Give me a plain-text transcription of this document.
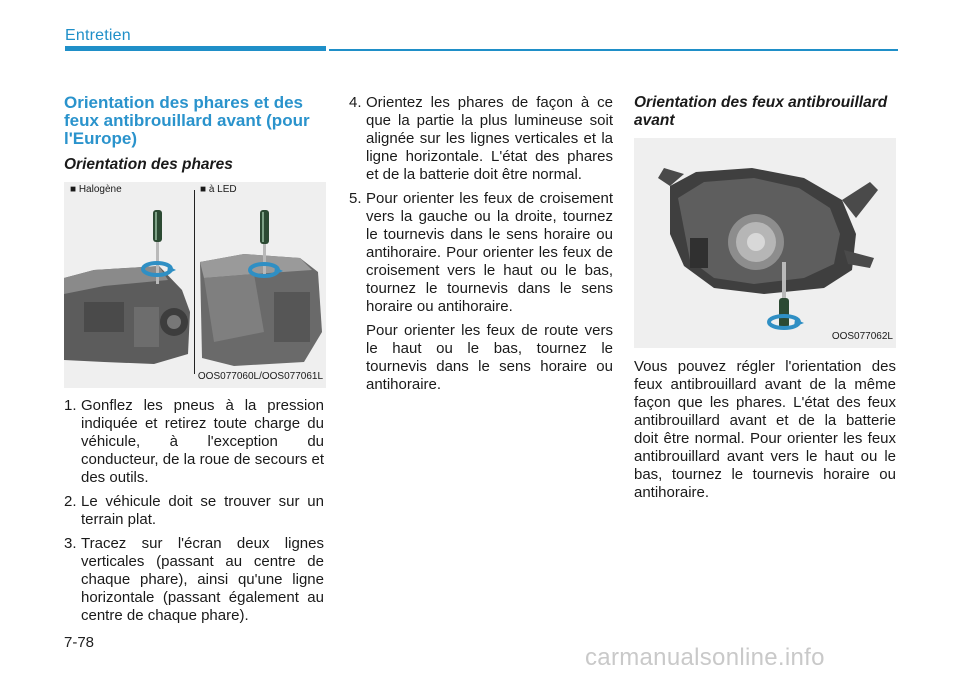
Entretien
Orientation des phares et des feux antibrouillard avant (pour l'Europe)
Orientation des phares
■ Halogène	■ à LED
OOS077060L/OOS077061L
1. Gonflez les pneus à la pression indiquée et retirez toute charge du véhicule, à l'exception du conducteur, de la roue de secours et des outils.
2. Le véhicule doit se trouver sur un terrain plat.
3. Tracez sur l'écran deux lignes verticales (passant au centre de chaque phare), ainsi qu'une ligne horizontale (passant également au centre de chaque phare).
4. Orientez les phares de façon à ce que la partie la plus lumineuse soit alignée sur les lignes verticales et la ligne horizontale. L'état des phares et de la batterie doit être normal.
5. Pour orienter les feux de croisement vers la gauche ou la droite, tournez le tournevis dans le sens horaire ou antihoraire. Pour orienter les feux de croisement vers le haut ou le bas, tournez le tournevis dans le sens horaire ou antihoraire.
Pour orienter les feux de route vers le haut ou le bas, tournez le tournevis dans le sens horaire ou antihoraire.
Orientation des feux antibrouillard avant
OOS077062L
Vous pouvez régler l'orientation des feux antibrouillard avant de la même façon que les phares. L'état des feux antibrouillard avant et de la batterie doit être normal. Pour orienter les feux antibrouillard avant vers le haut ou le bas, tournez le tournevis horaire ou antihoraire.
7-78
carmanualsonline.info
